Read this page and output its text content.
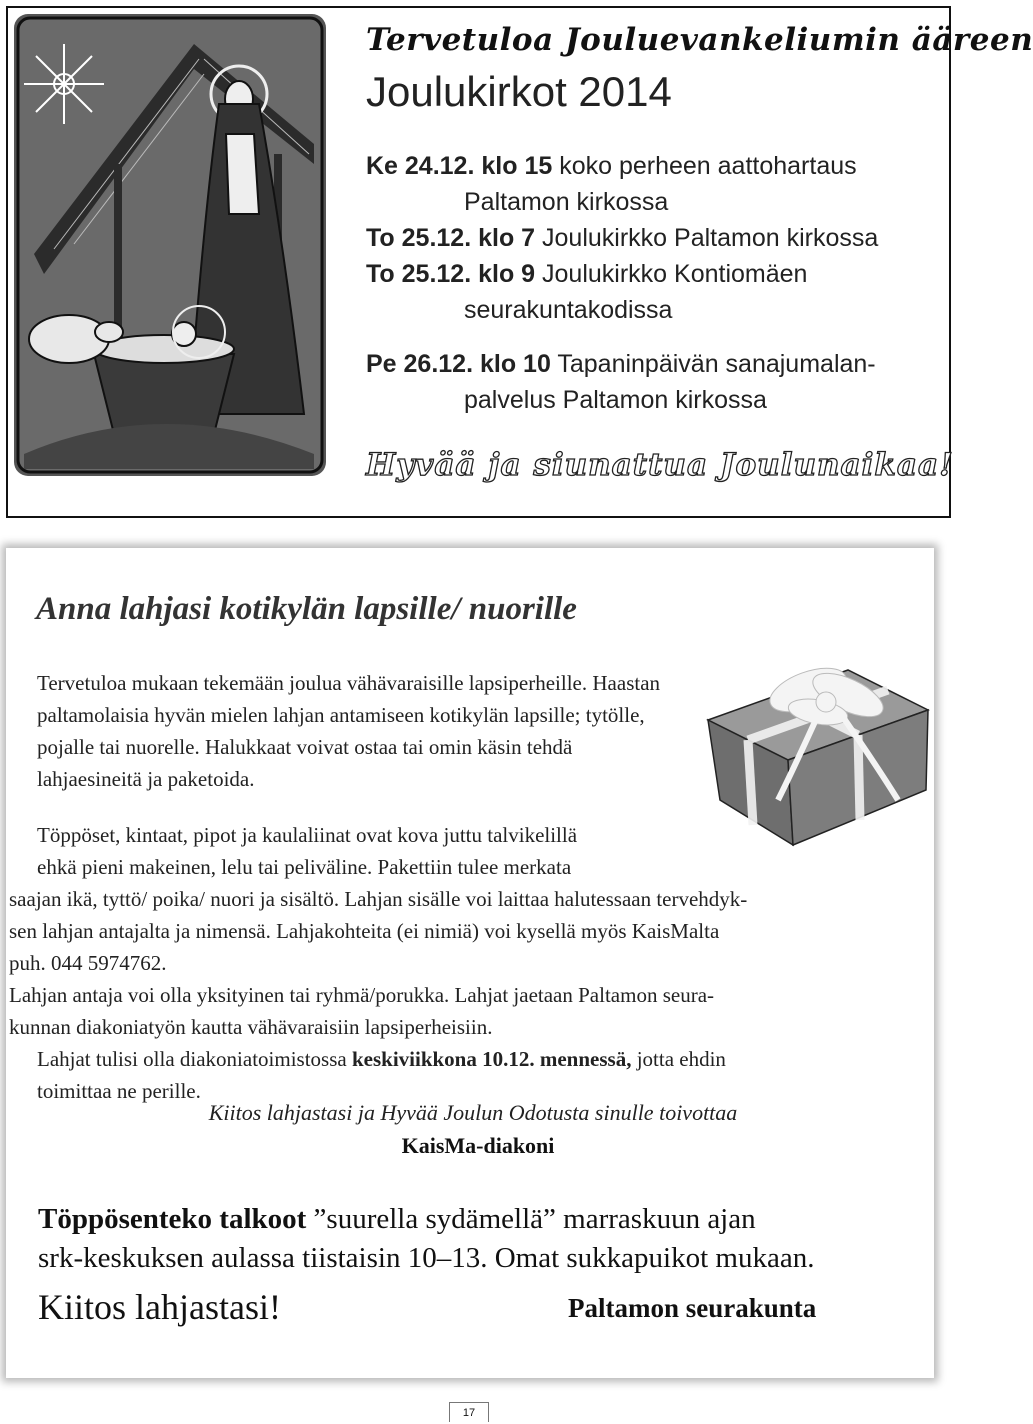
Tervetuloa Jouluevankeliumin ääreen
Joulukirkot 2014
Ke 24.12. klo 15 koko perheen aattohartaus
Paltamon kirkossa
To 25.12. klo 7 Joulukirkko Paltamon kirkossa
To 25.12. klo 9 Joulukirkko Kontiomäen
seurakuntakodissa
Pe 26.12. klo 10 Tapaninpäivän sanajumalan-
palvelus Paltamon kirkossa
Hyvää ja siunattua Joulunaikaa!
Anna lahjasi kotikylän lapsille/ nuorille

Tervetuloa mukaan tekemään joulua vähävaraisille lapsiperheille. Haastan paltamolaisia hyvän mielen lahjan antamiseen kotikylän lapsille; tytölle, pojalle tai nuorelle. Halukkaat voivat ostaa tai omin käsin tehdä lahjaesineitä ja paketoida.

Töppöset, kintaat, pipot ja kaulaliinat ovat kova juttu talvikelillä
ehkä pieni makeinen, lelu tai peliväline. Pakettiin tulee merkata
saajan ikä, tyttö/ poika/ nuori ja sisältö. Lahjan sisälle voi laittaa halutessaan tervehdyk-
sen lahjan antajalta ja nimensä. Lahjakohteita (ei nimiä) voi kysellä myös KaisMalta
puh. 044 5974762.
Lahjan antaja voi olla yksityinen tai ryhmä/porukka. Lahjat jaetaan Paltamon seura-
kunnan diakoniatyön kautta vähävaraisiin lapsiperheisiin.
Lahjat tulisi olla diakoniatoimistossa keskiviikkona 10.12. mennessä, jotta ehdin
toimittaa ne perille.
Kiitos lahjastasi ja Hyvää Joulun Odotusta sinulle toivottaa
KaisMa-diakoni
Töppösenteko talkoot ”suurella sydämellä” marraskuun ajan
srk-keskuksen aulassa tiistaisin 10–13. Omat sukkapuikot mukaan.
Kiitos lahjastasi!	Paltamon seurakunta
17
